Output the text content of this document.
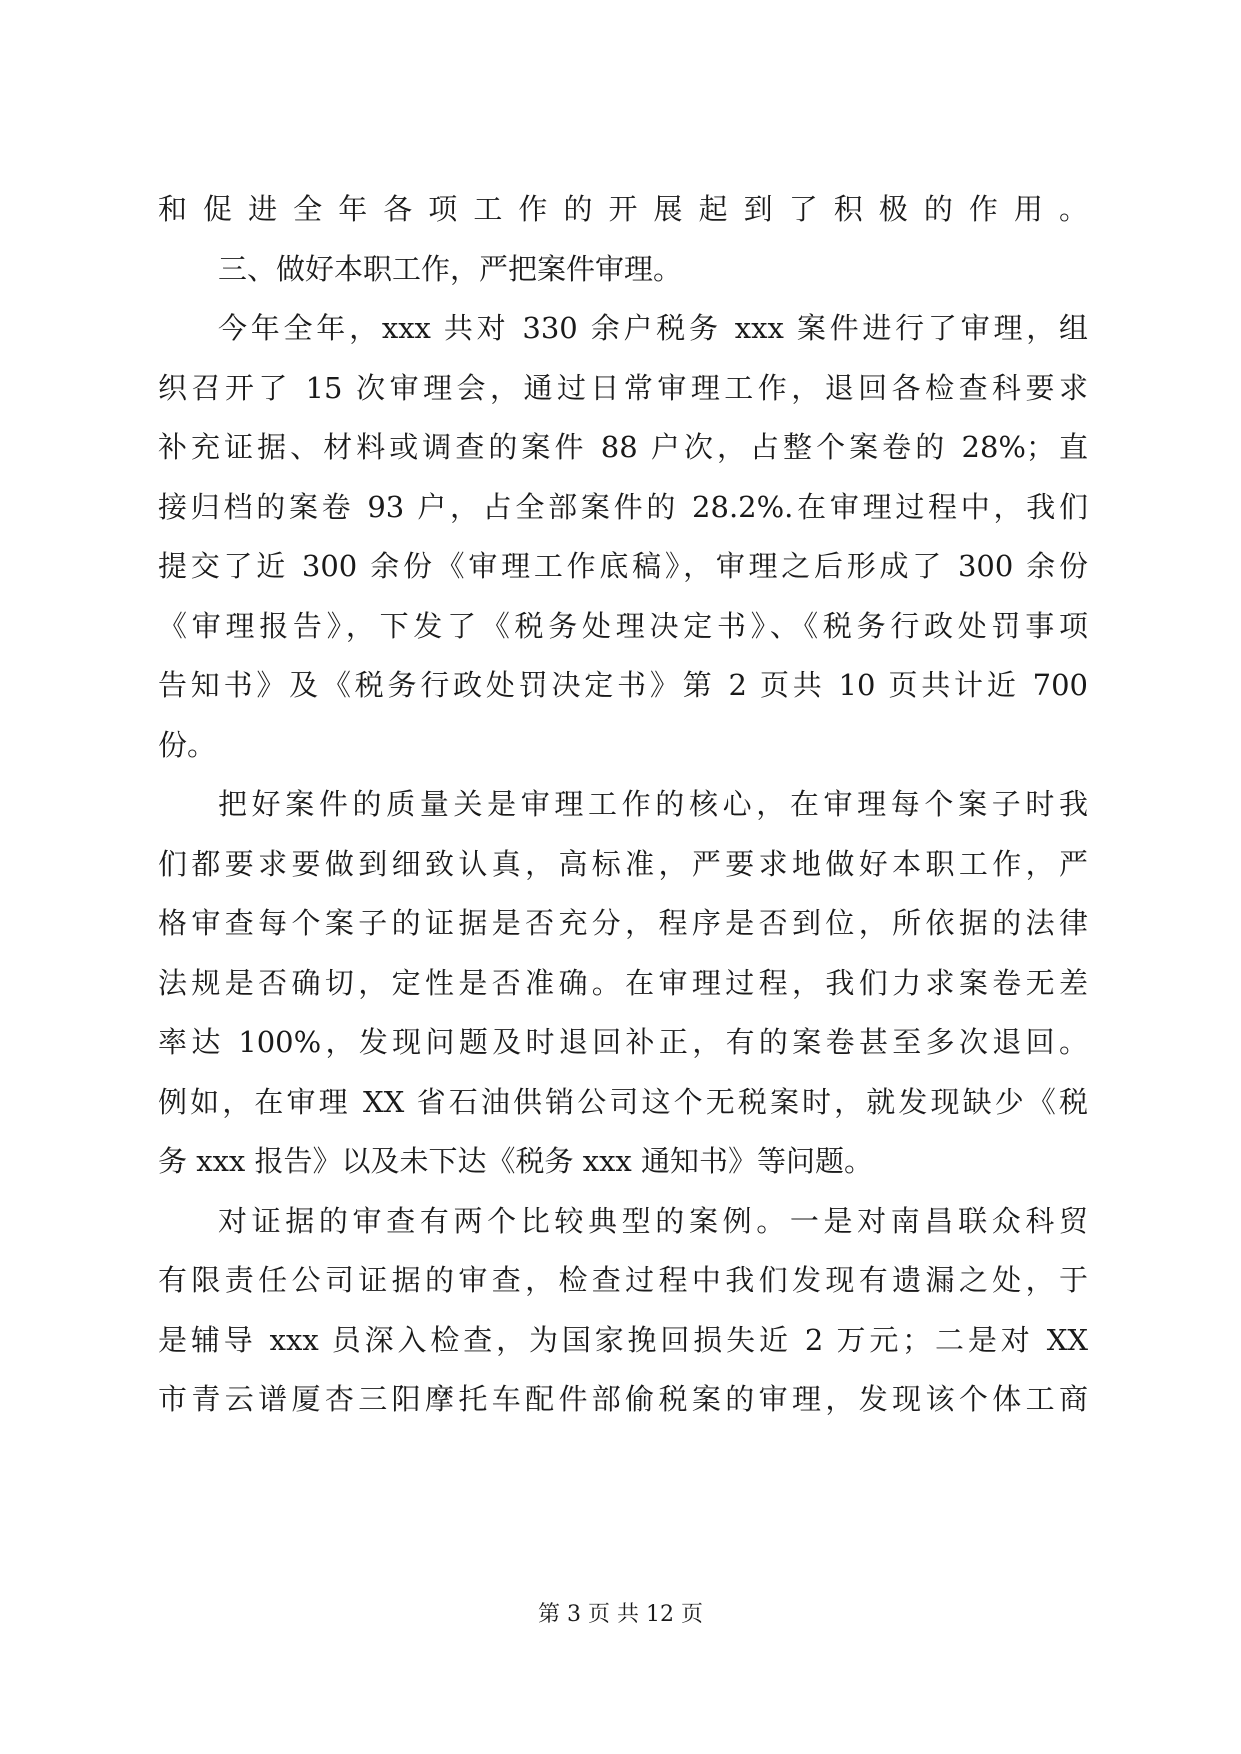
和促进全年各项工作的开展起到了积极的作用。
三、做好本职工作，严把案件审理。
今年全年，xxx 共对 330 余户税务 xxx 案件进行了审理，组
织召开了 15 次审理会，通过日常审理工作，退回各检查科要求
补充证据、材料或调查的案件 88 户次，占整个案卷的 28%；直
接归档的案卷 93 户，占全部案件的 28.2%.在审理过程中，我们
提交了近 300 余份《审理工作底稿》，审理之后形成了 300 余份
《审理报告》，下发了《税务处理决定书》、《税务行政处罚事项
告知书》及《税务行政处罚决定书》第 2 页共 10 页共计近 700
份。
把好案件的质量关是审理工作的核心，在审理每个案子时我
们都要求要做到细致认真，高标准，严要求地做好本职工作，严
格审查每个案子的证据是否充分，程序是否到位，所依据的法律
法规是否确切，定性是否准确。在审理过程，我们力求案卷无差
率达 100%，发现问题及时退回补正，有的案卷甚至多次退回。
例如，在审理 XX 省石油供销公司这个无税案时，就发现缺少《税
务 xxx 报告》以及未下达《税务 xxx 通知书》等问题。
对证据的审查有两个比较典型的案例。一是对南昌联众科贸
有限责任公司证据的审查，检查过程中我们发现有遗漏之处，于
是辅导 xxx 员深入检查，为国家挽回损失近 2 万元；二是对 XX
市青云谱厦杏三阳摩托车配件部偷税案的审理，发现该个体工商
第 3 页 共 12 页
